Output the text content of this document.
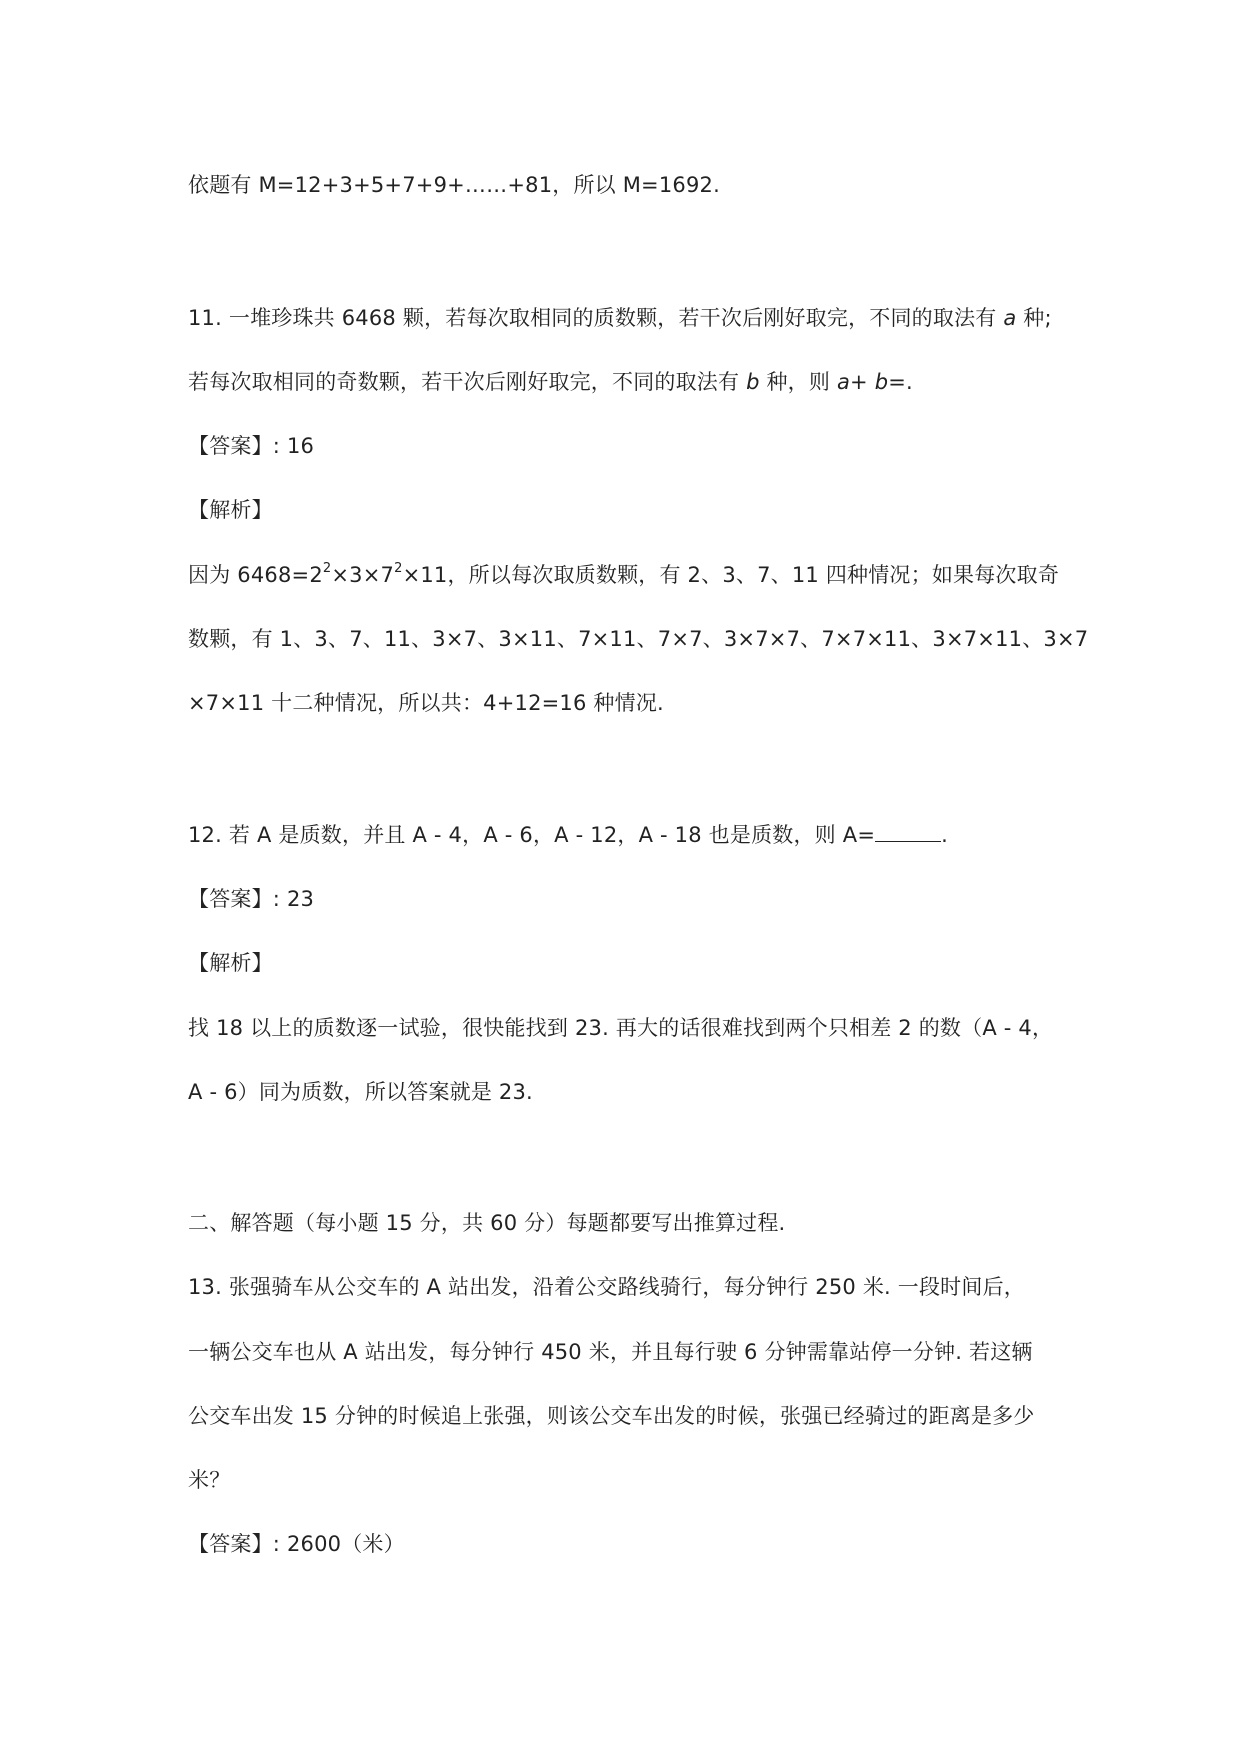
依题有 M=12+3+5+7+9+……+81，所以 M=1692.
11. 一堆珍珠共 6468 颗，若每次取相同的质数颗，若干次后刚好取完，不同的取法有 a 种;
若每次取相同的奇数颗，若干次后刚好取完，不同的取法有 b 种，则 a+ b=.
【答案】: 16
【解析】
因为 $6468=2^2\times 3\times 7^2\times 11$，所以每次取质数颗，有 2、3、7、11 四种情况；如果每次取奇
数颗，有 1、3、7、11、3×7、3×11、7×11、7×7、3×7×7、7×7×11、3×7×11、3×7
×7×11 十二种情况，所以共：4+12=16 种情况.
12. 若 A 是质数，并且 A - 4，A - 6，A - 12，A - 18 也是质数，则 A=	.
【答案】: 23
【解析】
找 18 以上的质数逐一试验，很快能找到 23. 再大的话很难找到两个只相差 2 的数（A - 4，
A - 6）同为质数，所以答案就是 23.
二、解答题（每小题 15 分，共 60 分）每题都要写出推算过程.
13. 张强骑车从公交车的 A 站出发，沿着公交路线骑行，每分钟行 250 米. 一段时间后，
一辆公交车也从 A 站出发，每分钟行 450 米，并且每行驶 6 分钟需靠站停一分钟. 若这辆
公交车出发 15 分钟的时候追上张强，则该公交车出发的时候，张强已经骑过的距离是多少
米？
【答案】: 2600（米）
